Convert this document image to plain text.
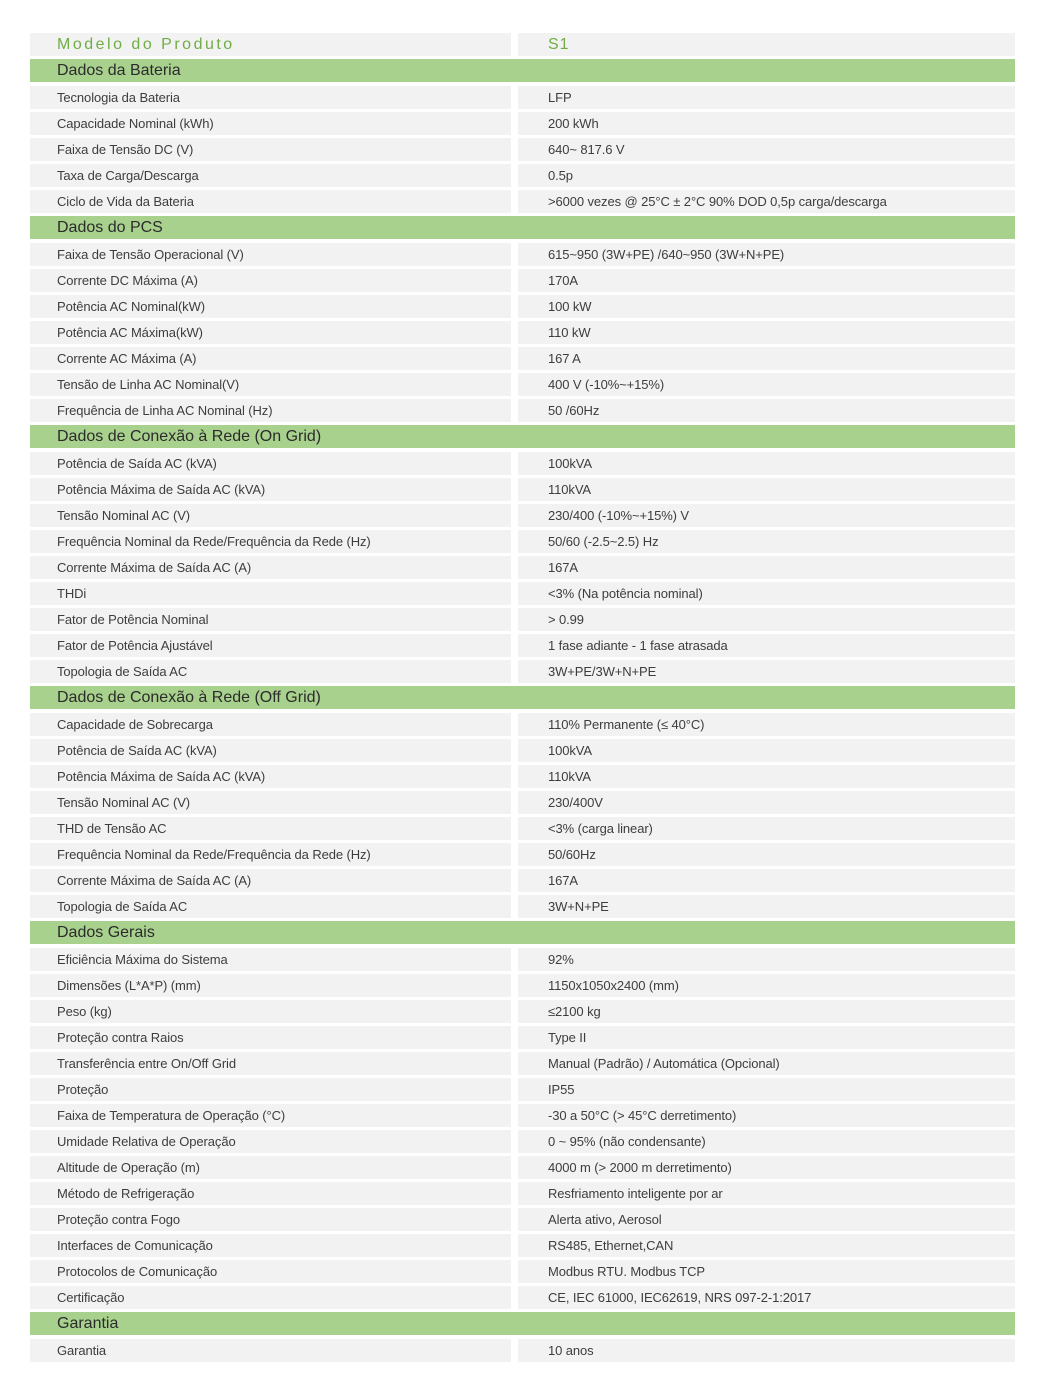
Modelo do Produto	S1
Dados da Bateria
Tecnologia da Bateria	LFP
Capacidade Nominal (kWh)	200 kWh
Faixa de Tensão DC (V)	640~ 817.6 V
Taxa de Carga/Descarga	0.5p
Ciclo de Vida da Bateria	>6000 vezes @ 25°C ± 2°C 90% DOD 0,5p carga/descarga
Dados do PCS
Faixa de Tensão Operacional (V)	615~950 (3W+PE) /640~950 (3W+N+PE)
Corrente DC Máxima (A)	170A
Potência AC Nominal(kW)	100 kW
Potência AC Máxima(kW)	110 kW
Corrente AC Máxima (A)	167 A
Tensão de Linha AC Nominal(V)	400 V (-10%~+15%)
Frequência de Linha AC Nominal (Hz)	50 /60Hz
Dados de Conexão à Rede (On Grid)
Potência de Saída AC (kVA)	100kVA
Potência Máxima de Saída AC (kVA)	110kVA
Tensão Nominal AC (V)	230/400 (-10%~+15%) V
Frequência Nominal da Rede/Frequência da Rede (Hz)	50/60 (-2.5~2.5) Hz
Corrente Máxima de Saída AC (A)	167A
THDi	<3% (Na potência nominal)
Fator de Potência Nominal	> 0.99
Fator de Potência Ajustável	1 fase adiante - 1 fase atrasada
Topologia de Saída AC	3W+PE/3W+N+PE
Dados de Conexão à Rede (Off Grid)
Capacidade de Sobrecarga	110% Permanente (≤ 40°C)
Potência de Saída AC (kVA)	100kVA
Potência Máxima de Saída AC (kVA)	110kVA
Tensão Nominal AC (V)	230/400V
THD de Tensão AC	<3% (carga linear)
Frequência Nominal da Rede/Frequência da Rede (Hz)	50/60Hz
Corrente Máxima de Saída AC (A)	167A
Topologia de Saída AC	3W+N+PE
Dados Gerais
Eficiência Máxima do Sistema	92%
Dimensões (L*A*P) (mm)	1150x1050x2400 (mm)
Peso (kg)	≤2100 kg
Proteção contra Raios	Type II
Transferência entre On/Off Grid	Manual (Padrão) / Automática (Opcional)
Proteção	IP55
Faixa de Temperatura de Operação (°C)	-30 a 50°C (> 45°C derretimento)
Umidade Relativa de Operação	0 ~ 95% (não condensante)
Altitude de Operação (m)	4000 m (> 2000 m derretimento)
Método de Refrigeração	Resfriamento inteligente por ar
Proteção contra Fogo	Alerta ativo, Aerosol
Interfaces de Comunicação	RS485, Ethernet,CAN
Protocolos de Comunicação	Modbus RTU. Modbus TCP
Certificação	CE, IEC 61000, IEC62619, NRS 097-2-1:2017
Garantia
Garantia	10 anos
